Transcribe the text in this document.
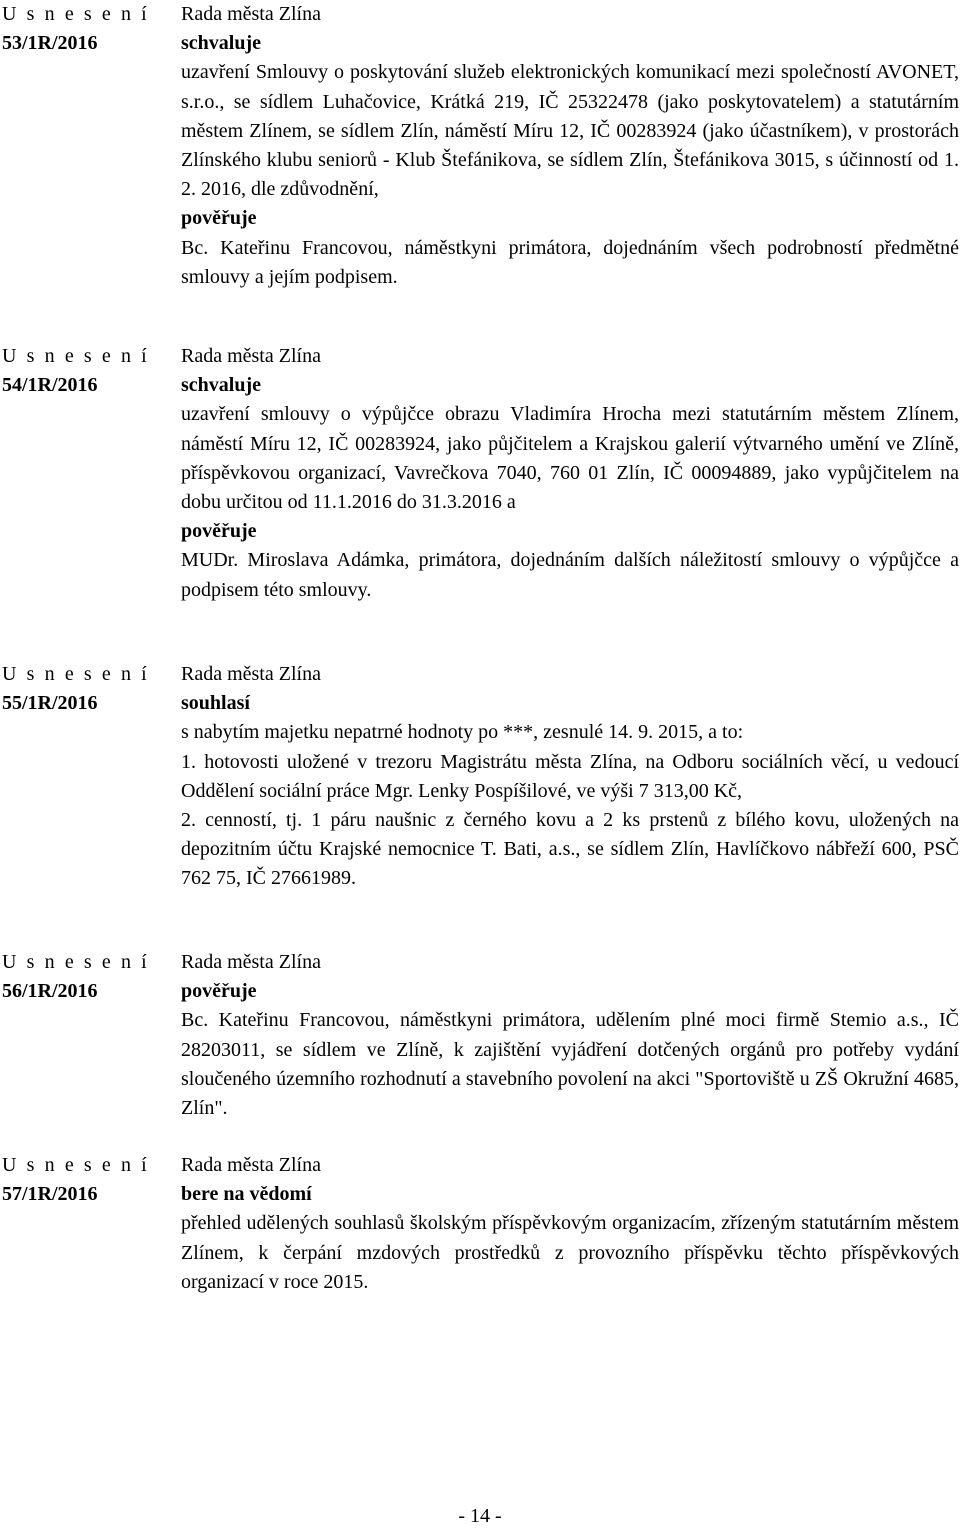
U s n e s e n í
53/1R/2016
Rada města Zlína
schvaluje

uzavření Smlouvy o poskytování služeb elektronických komunikací mezi společností AVONET, s.r.o., se sídlem Luhačovice, Krátká 219, IČ 25322478 (jako poskytovatelem) a statutárním městem Zlínem, se sídlem Zlín, náměstí Míru 12, IČ 00283924 (jako účastníkem), v prostorách Zlínského klubu seniorů - Klub Štefánikova, se sídlem Zlín, Štefánikova 3015, s účinností od 1. 2. 2016, dle zdůvodnění,

pověřuje

Bc. Kateřinu Francovou, náměstkyni primátora, dojednáním všech podrobností předmětné smlouvy a jejím podpisem.

U s n e s e n í
54/1R/2016
Rada města Zlína
schvaluje

uzavření smlouvy o výpůjčce obrazu Vladimíra Hrocha mezi statutárním městem Zlínem, náměstí Míru 12, IČ 00283924, jako půjčitelem a Krajskou galerií výtvarného umění ve Zlíně, příspěvkovou organizací, Vavrečkova 7040, 760 01 Zlín, IČ 00094889, jako vypůjčitelem na dobu určitou od 11.1.2016 do 31.3.2016 a

pověřuje

MUDr. Miroslava Adámka, primátora, dojednáním dalších náležitostí smlouvy o výpůjčce a podpisem této smlouvy.

U s n e s e n í
55/1R/2016
Rada města Zlína
souhlasí

s nabytím majetku nepatrné hodnoty po ***, zesnulé 14. 9. 2015, a to:

1. hotovosti uložené v trezoru Magistrátu města Zlína, na Odboru sociálních věcí, u vedoucí Oddělení sociální práce Mgr. Lenky Pospíšilové, ve výši 7 313,00 Kč,

2. cenností, tj. 1 páru naušnic z černého kovu a 2 ks prstenů z bílého kovu, uložených na depozitním účtu Krajské nemocnice T. Bati, a.s., se sídlem Zlín, Havlíčkovo nábřeží 600, PSČ 762 75, IČ 27661989.

U s n e s e n í
56/1R/2016
Rada města Zlína
pověřuje

Bc. Kateřinu Francovou, náměstkyni primátora, udělením plné moci firmě Stemio a.s., IČ 28203011, se sídlem ve Zlíně, k zajištění vyjádření dotčených orgánů pro potřeby vydání sloučeného územního rozhodnutí a stavebního povolení na akci "Sportoviště u ZŠ Okružní 4685, Zlín".

U s n e s e n í
57/1R/2016
Rada města Zlína
bere na vědomí

přehled udělených souhlasů školským příspěvkovým organizacím, zřízeným statutárním městem Zlínem, k čerpání mzdových prostředků z provozního příspěvku těchto příspěvkových organizací v roce 2015.

- 14 -
